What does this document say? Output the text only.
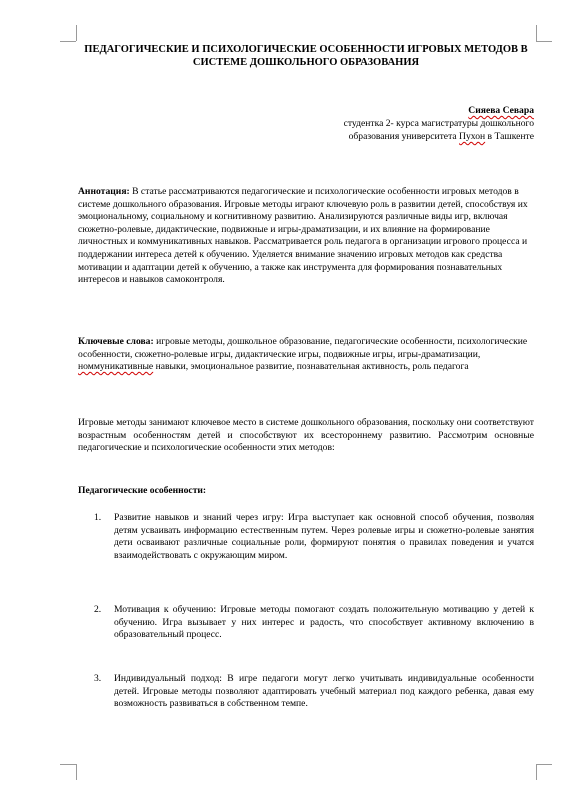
ПЕДАГОГИЧЕСКИЕ И ПСИХОЛОГИЧЕСКИЕ ОСОБЕННОСТИ ИГРОВЫХ МЕТОДОВ В СИСТЕМЕ ДОШКОЛЬНОГО ОБРАЗОВАНИЯ
Сияева Севара
студентка 2- курса магистратуры дошкольного
образования университета Пухон в Ташкенте

Аннотация: В статье рассматриваются педагогические и психологические особенности игровых методов в системе дошкольного образования. Игровые методы играют ключевую роль в развитии детей, способствуя их эмоциональному, социальному и когнитивному развитию. Анализируются различные виды игр, включая сюжетно-ролевые, дидактические, подвижные и игры-драматизации, и их влияние на формирование личностных и коммуникативных навыков. Рассматривается роль педагога в организации игрового процесса и поддержании интереса детей к обучению. Уделяется внимание значению игровых методов как средства мотивации и адаптации детей к обучению, а также как инструмента для формирования познавательных интересов и навыков самоконтроля.

Ключевые слова: игровые методы, дошкольное образование, педагогические особенности, психологические особенности, сюжетно-ролевые игры, дидактические игры, подвижные игры, игры-драматизации, номмуникативные навыки, эмоциональное развитие, познавательная активность, роль педагога

Игровые методы занимают ключевое место в системе дошкольного образования, поскольку они соответствуют возрастным особенностям детей и способствуют их всестороннему развитию. Рассмотрим основные педагогические и психологические особенности этих методов:

Педагогические особенности:

1. Развитие навыков и знаний через игру: Игра выступает как основной способ обучения, позволяя детям усваивать информацию естественным путем. Через ролевые игры и сюжетно-ролевые занятия дети осваивают различные социальные роли, формируют понятия о правилах поведения и учатся взаимодействовать с окружающим миром.
2. Мотивация к обучению: Игровые методы помогают создать положительную мотивацию у детей к обучению. Игра вызывает у них интерес и радость, что способствует активному включению в образовательный процесс.
3. Индивидуальный подход: В игре педагоги могут легко учитывать индивидуальные особенности детей. Игровые методы позволяют адаптировать учебный материал под каждого ребенка, давая ему возможность развиваться в собственном темпе.
